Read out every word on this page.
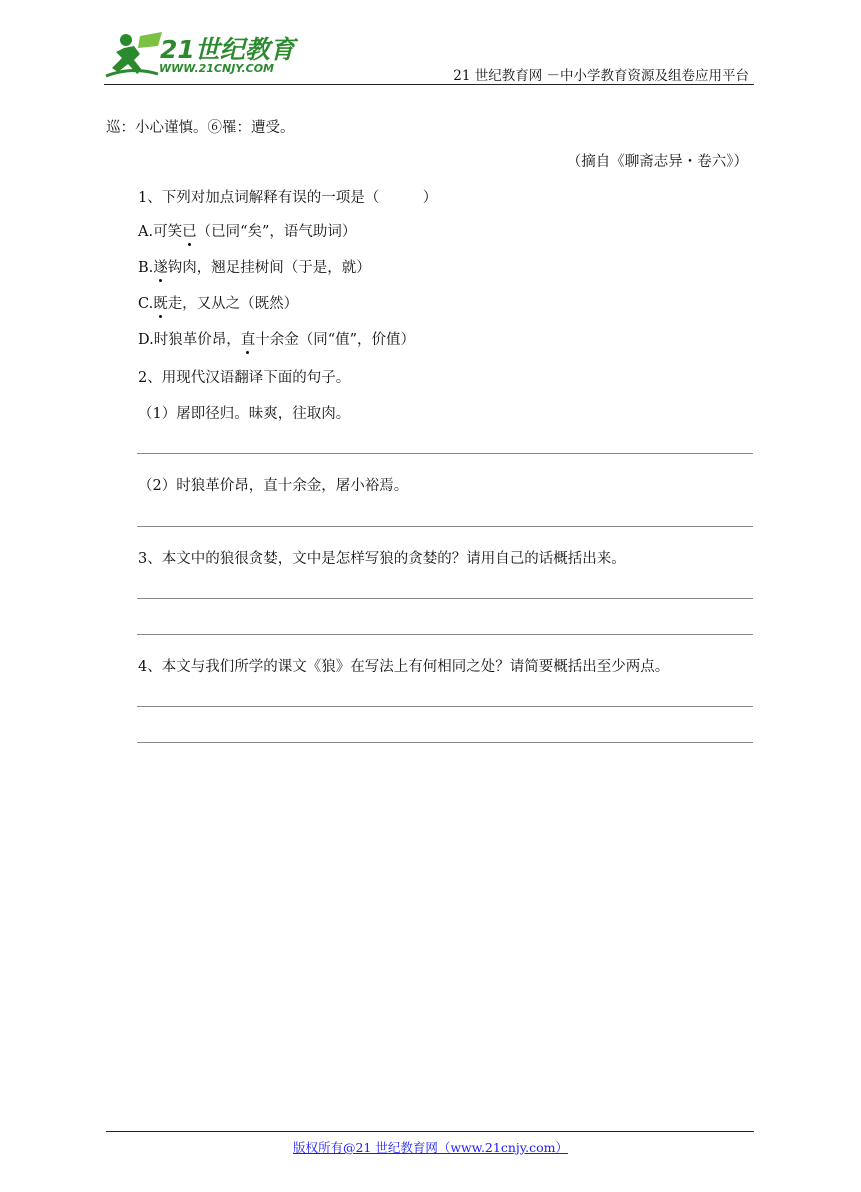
21世纪教育
WWW.21CNJY.COM	21 世纪教育网 －中小学教育资源及组卷应用平台
巡：小心谨慎。⑥罹：遭受。
（摘自《聊斋志异・卷六》）
1、下列对加点词解释有误的一项是（　　　）
A.可笑已（已同“矣”，语气助词）
B.遂钩肉，翘足挂树间（于是，就）
C.既走，又从之（既然）
D.时狼革价昂，直十余金（同“值”，价值）
2、用现代汉语翻译下面的句子。
（1）屠即径归。昧爽，往取肉。
（2）时狼革价昂，直十余金，屠小裕焉。
3、本文中的狼很贪婪，文中是怎样写狼的贪婪的？请用自己的话概括出来。
4、本文与我们所学的课文《狼》在写法上有何相同之处？请简要概括出至少两点。
版权所有@21 世纪教育网（www.21cnjy.com）
